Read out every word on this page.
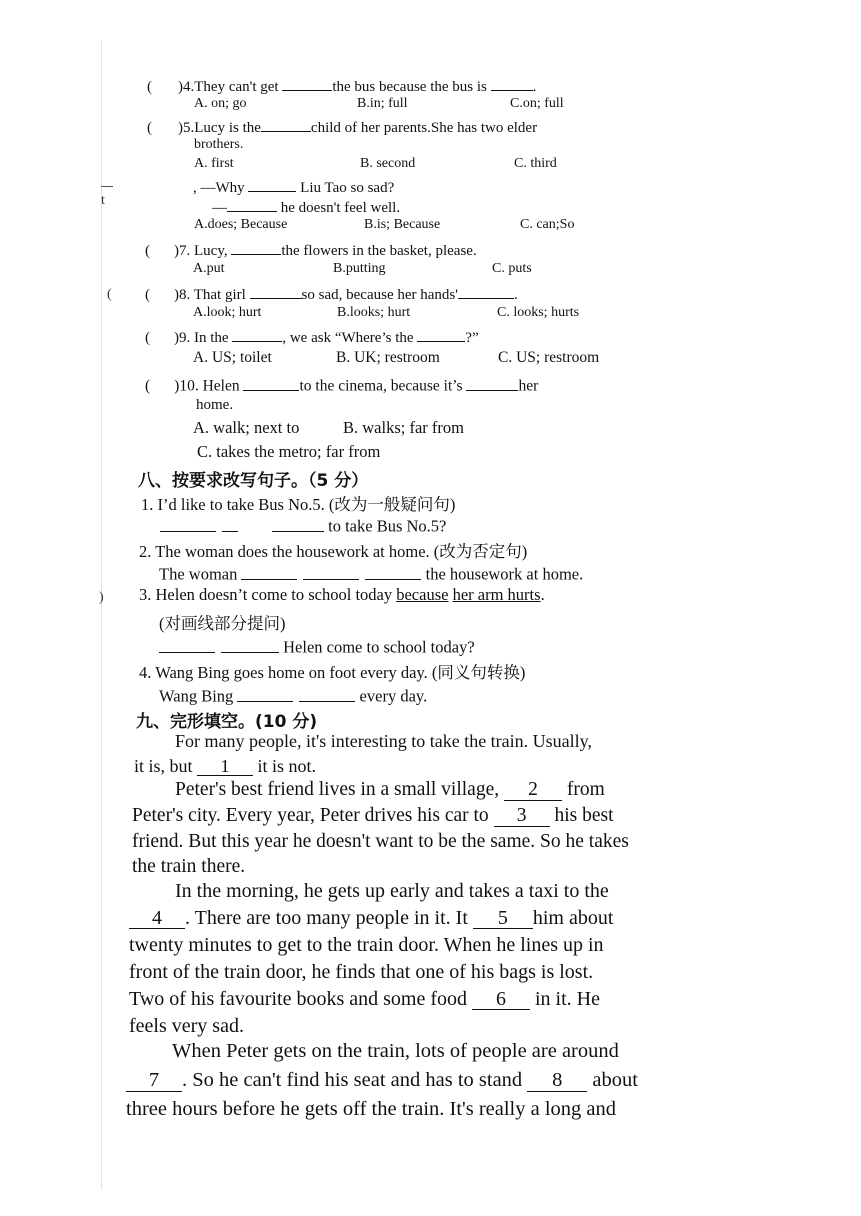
t
(
)
( )4.They can't get	the bus because the bus is	.
A. on; go	B.in; full	C.on; full
( )5.Lucy is the	child of her parents.She has two elder
brothers.
A. first	B. second	C. third
, —Why	Liu Tao so sad?
—	he doesn't feel well.
A.does; Because	B.is; Because	C. can;So
( )7. Lucy,	the flowers in the basket, please.
A.put	B.putting	C. puts
( )8. That girl	so sad, because her hands'	.
A.look; hurt	B.looks; hurt	C. looks; hurts
( )9. In the	, we ask “Where’s the	?”
A. US; toilet	B. UK; restroom	C. US; restroom
( )10. Helen	to the cinema, because it’s	her
home.
A. walk; next to	B. walks; far from
C. takes the metro; far from
八、按要求改写句子。（5 分）
1. I’d like to take Bus No.5. (改为一般疑问句)
to take Bus No.5?
2. The woman does the housework at home. (改为否定句)
The woman	the housework at home.
3. Helen doesn’t come to school today because her arm hurts.
(对画线部分提问)
Helen come to school today?
4. Wang Bing goes home on foot every day. (同义句转换)
Wang Bing	every day.
九、完形填空。(10 分)
For many people, it's interesting to take the train. Usually,
it is, but 1 it is not.
Peter's best friend lives in a small village, 2 from
Peter's city. Every year, Peter drives his car to 3 his best
friend. But this year he doesn't want to be the same. So he takes
the train there.
In the morning, he gets up early and takes a taxi to the
4 . There are too many people in it. It 5 him about
twenty minutes to get to the train door. When he lines up in
front of the train door, he finds that one of his bags is lost.
Two of his favourite books and some food 6 in it. He
feels very sad.
When Peter gets on the train, lots of people are around
7 . So he can't find his seat and has to stand 8 about
three hours before he gets off the train. It's really a long and
